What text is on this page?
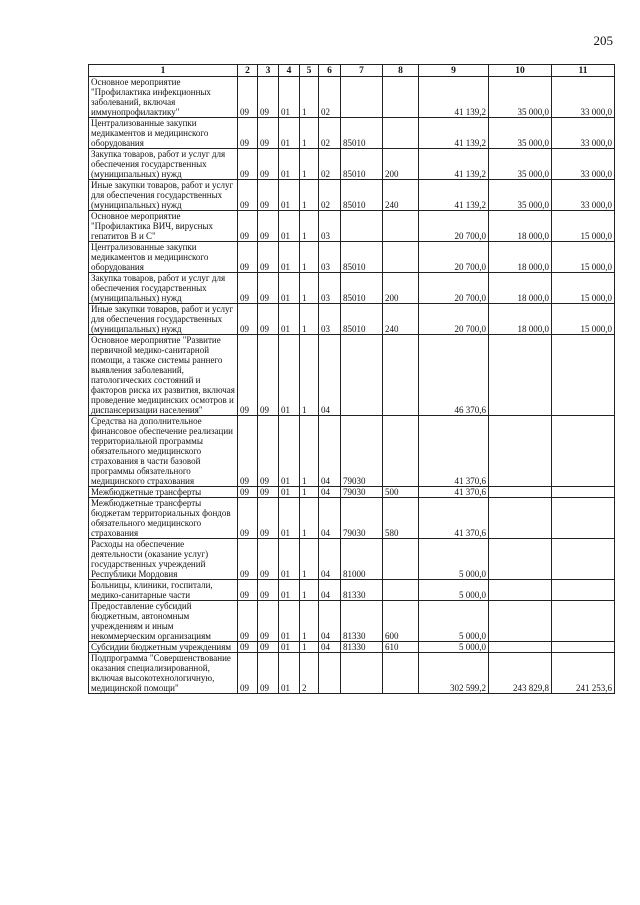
205
1	2	3	4	5	6	7	8	9	10	11
Основное мероприятие "Профилактика инфекционных заболеваний, включая иммунопрофилактику"	09	09	01	1	02			41 139,2	35 000,0	33 000,0
Централизованные закупки медикаментов и медицинского оборудования	09	09	01	1	02	85010		41 139,2	35 000,0	33 000,0
Закупка товаров, работ и услуг для обеспечения государственных (муниципальных) нужд	09	09	01	1	02	85010	200	41 139,2	35 000,0	33 000,0
Иные закупки товаров, работ и услуг для обеспечения государственных (муниципальных) нужд	09	09	01	1	02	85010	240	41 139,2	35 000,0	33 000,0
Основное мероприятие "Профилактика ВИЧ, вирусных гепатитов В и С"	09	09	01	1	03			20 700,0	18 000,0	15 000,0
Централизованные закупки медикаментов и медицинского оборудования	09	09	01	1	03	85010		20 700,0	18 000,0	15 000,0
Закупка товаров, работ и услуг для обеспечения государственных (муниципальных) нужд	09	09	01	1	03	85010	200	20 700,0	18 000,0	15 000,0
Иные закупки товаров, работ и услуг для обеспечения государственных (муниципальных) нужд	09	09	01	1	03	85010	240	20 700,0	18 000,0	15 000,0
Основное мероприятие "Развитие первичной медико-санитарной помощи, а также системы раннего выявления заболеваний, патологических состояний и факторов риска их развития, включая проведение медицинских осмотров и диспансеризации населения"	09	09	01	1	04			46 370,6		
Средства на дополнительное финансовое обеспечение реализации территориальной программы обязательного медицинского страхования в части базовой программы обязательного медицинского страхования	09	09	01	1	04	79030		41 370,6		
Межбюджетные трансферты	09	09	01	1	04	79030	500	41 370,6		
Межбюджетные трансферты бюджетам территориальных фондов обязательного медицинского страхования	09	09	01	1	04	79030	580	41 370,6		
Расходы на обеспечение деятельности (оказание услуг) государственных учреждений Республики Мордовия	09	09	01	1	04	81000		5 000,0		
Больницы, клиники, госпитали, медико-санитарные части	09	09	01	1	04	81330		5 000,0		
Предоставление субсидий бюджетным, автономным учреждениям и иным некоммерческим организациям	09	09	01	1	04	81330	600	5 000,0		
Субсидии бюджетным учреждениям	09	09	01	1	04	81330	610	5 000,0		
Подпрограмма "Совершенствование оказания специализированной, включая высокотехнологичную, медицинской помощи"	09	09	01	2				302 599,2	243 829,8	241 253,6
